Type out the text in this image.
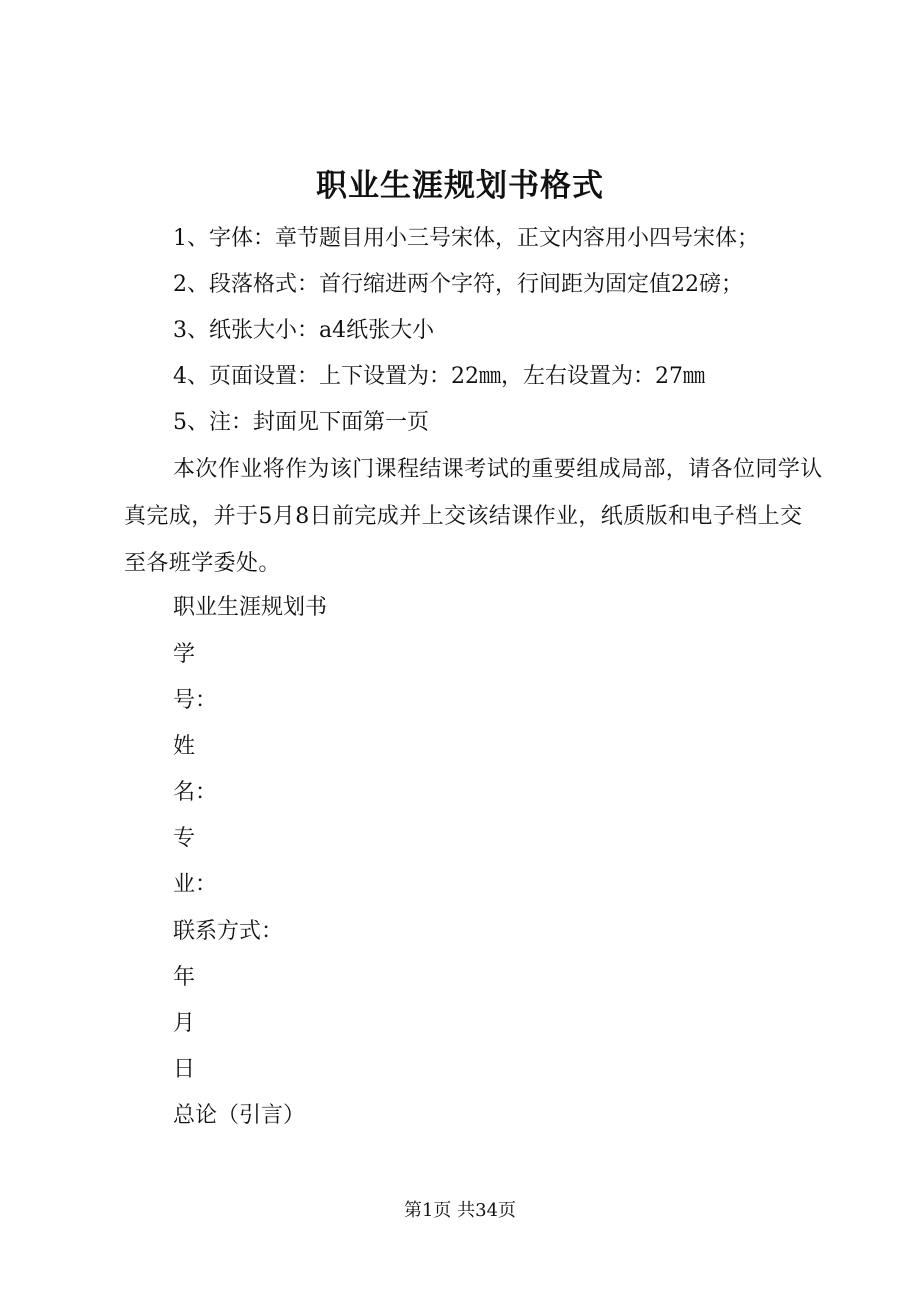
职业生涯规划书格式
1、字体：章节题目用小三号宋体，正文内容用小四号宋体；
2、段落格式：首行缩进两个字符，行间距为固定值22磅；
3、纸张大小：a4纸张大小
4、页面设置：上下设置为：22㎜，左右设置为：27㎜
5、注：封面见下面第一页
本次作业将作为该门课程结课考试的重要组成局部，请各位同学认真完成，并于5月8日前完成并上交该结课作业，纸质版和电子档上交至各班学委处。
职业生涯规划书
学
号：
姓
名：
专
业：
联系方式：
年
月
日
总论（引言）
第1页 共34页
